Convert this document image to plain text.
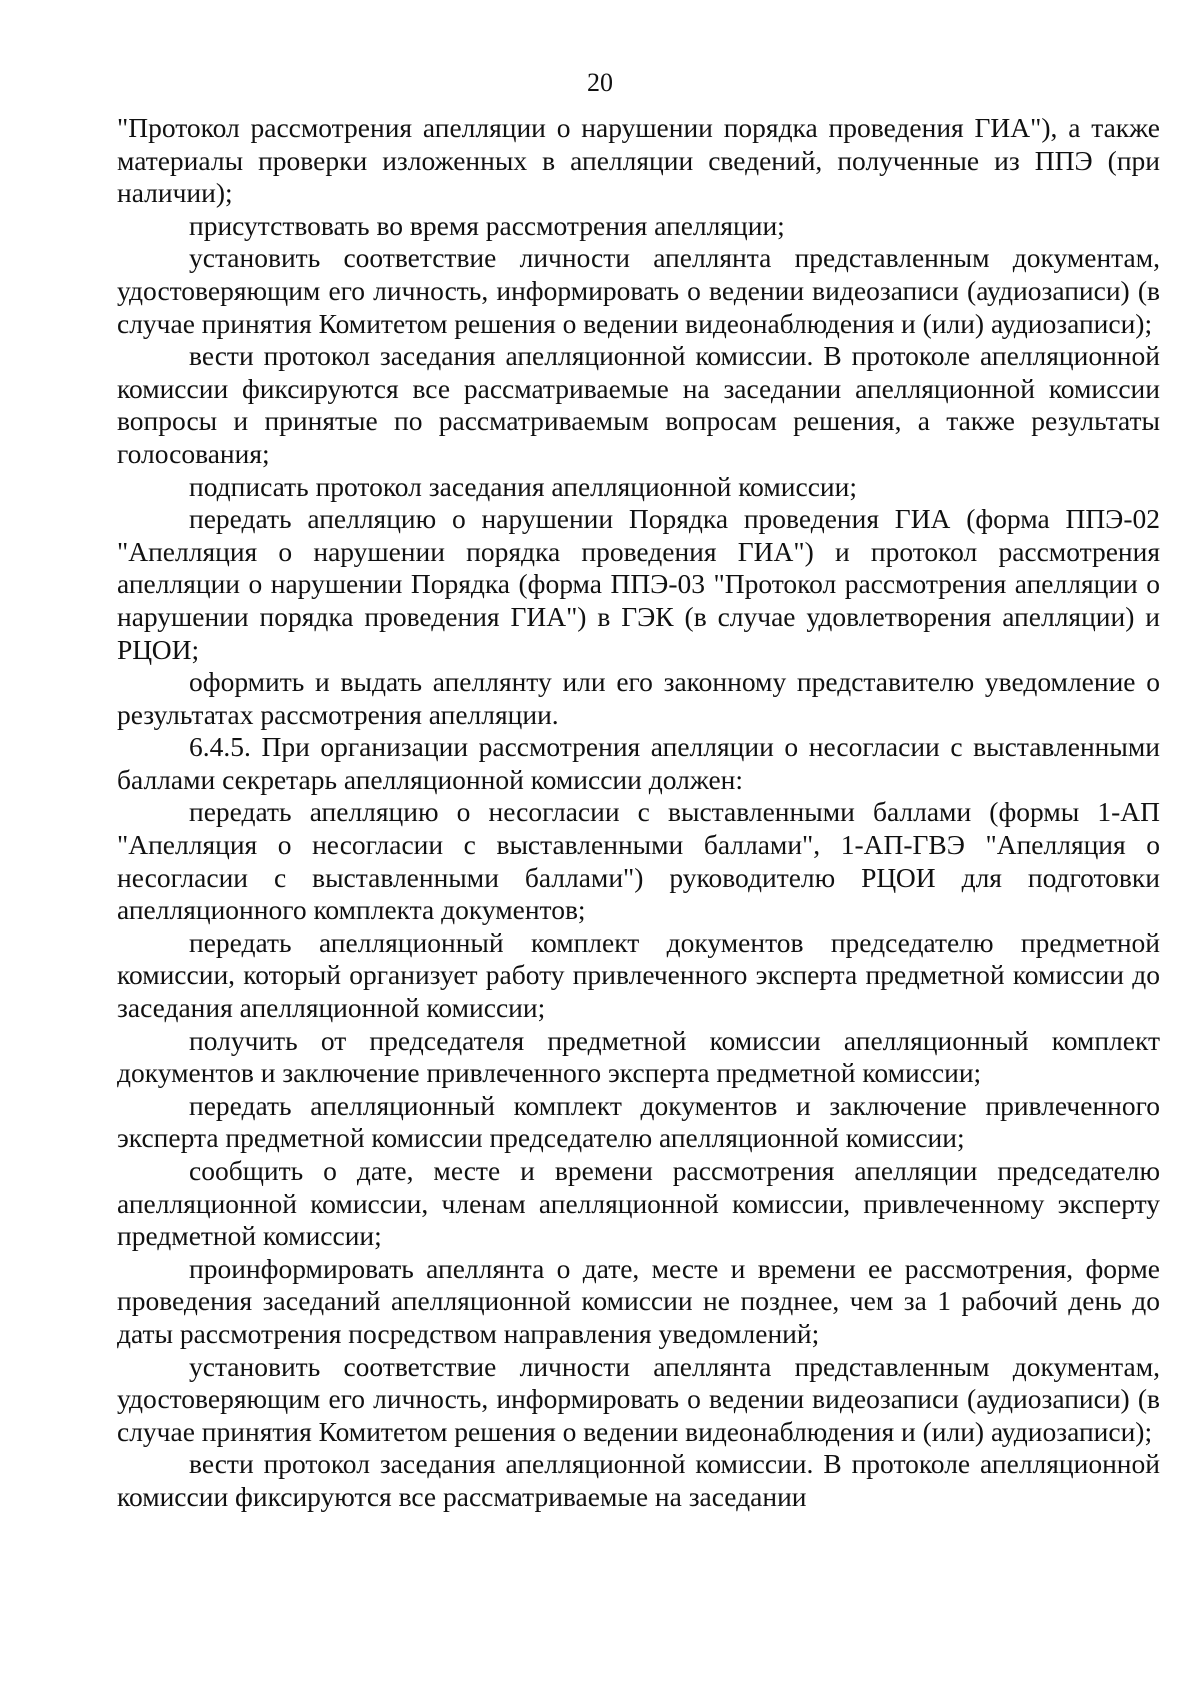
20

"Протокол рассмотрения апелляции о нарушении порядка проведения ГИА"), а также материалы проверки изложенных в апелляции сведений, полученные из ППЭ (при наличии);

присутствовать во время рассмотрения апелляции;

установить соответствие личности апеллянта представленным документам, удостоверяющим его личность, информировать о ведении видеозаписи (аудиозаписи) (в случае принятия Комитетом решения о ведении видеонаблюдения и (или) аудиозаписи);

вести протокол заседания апелляционной комиссии. В протоколе апелляционной комиссии фиксируются все рассматриваемые на заседании апелляционной комиссии вопросы и принятые по рассматриваемым вопросам решения, а также результаты голосования;

подписать протокол заседания апелляционной комиссии;

передать апелляцию о нарушении Порядка проведения ГИА (форма ППЭ-02 "Апелляция о нарушении порядка проведения ГИА") и протокол рассмотрения апелляции о нарушении Порядка (форма ППЭ-03 "Протокол рассмотрения апелляции о нарушении порядка проведения ГИА") в ГЭК (в случае удовлетворения апелляции) и РЦОИ;

оформить и выдать апеллянту или его законному представителю уведомление о результатах рассмотрения апелляции.

6.4.5. При организации рассмотрения апелляции о несогласии с выставленными баллами секретарь апелляционной комиссии должен:

передать апелляцию о несогласии с выставленными баллами (формы 1-АП "Апелляция о несогласии с выставленными баллами", 1-АП-ГВЭ "Апелляция о несогласии с выставленными баллами") руководителю РЦОИ для подготовки апелляционного комплекта документов;

передать апелляционный комплект документов председателю предметной комиссии, который организует работу привлеченного эксперта предметной комиссии до заседания апелляционной комиссии;

получить от председателя предметной комиссии апелляционный комплект документов и заключение привлеченного эксперта предметной комиссии;

передать апелляционный комплект документов и заключение привлеченного эксперта предметной комиссии председателю апелляционной комиссии;

сообщить о дате, месте и времени рассмотрения апелляции председателю апелляционной комиссии, членам апелляционной комиссии, привлеченному эксперту предметной комиссии;

проинформировать апеллянта о дате, месте и времени ее рассмотрения, форме проведения заседаний апелляционной комиссии не позднее, чем за 1 рабочий день до даты рассмотрения посредством направления уведомлений;

установить соответствие личности апеллянта представленным документам, удостоверяющим его личность, информировать о ведении видеозаписи (аудиозаписи) (в случае принятия Комитетом решения о ведении видеонаблюдения и (или) аудиозаписи);

вести протокол заседания апелляционной комиссии. В протоколе апелляционной комиссии фиксируются все рассматриваемые на заседании
